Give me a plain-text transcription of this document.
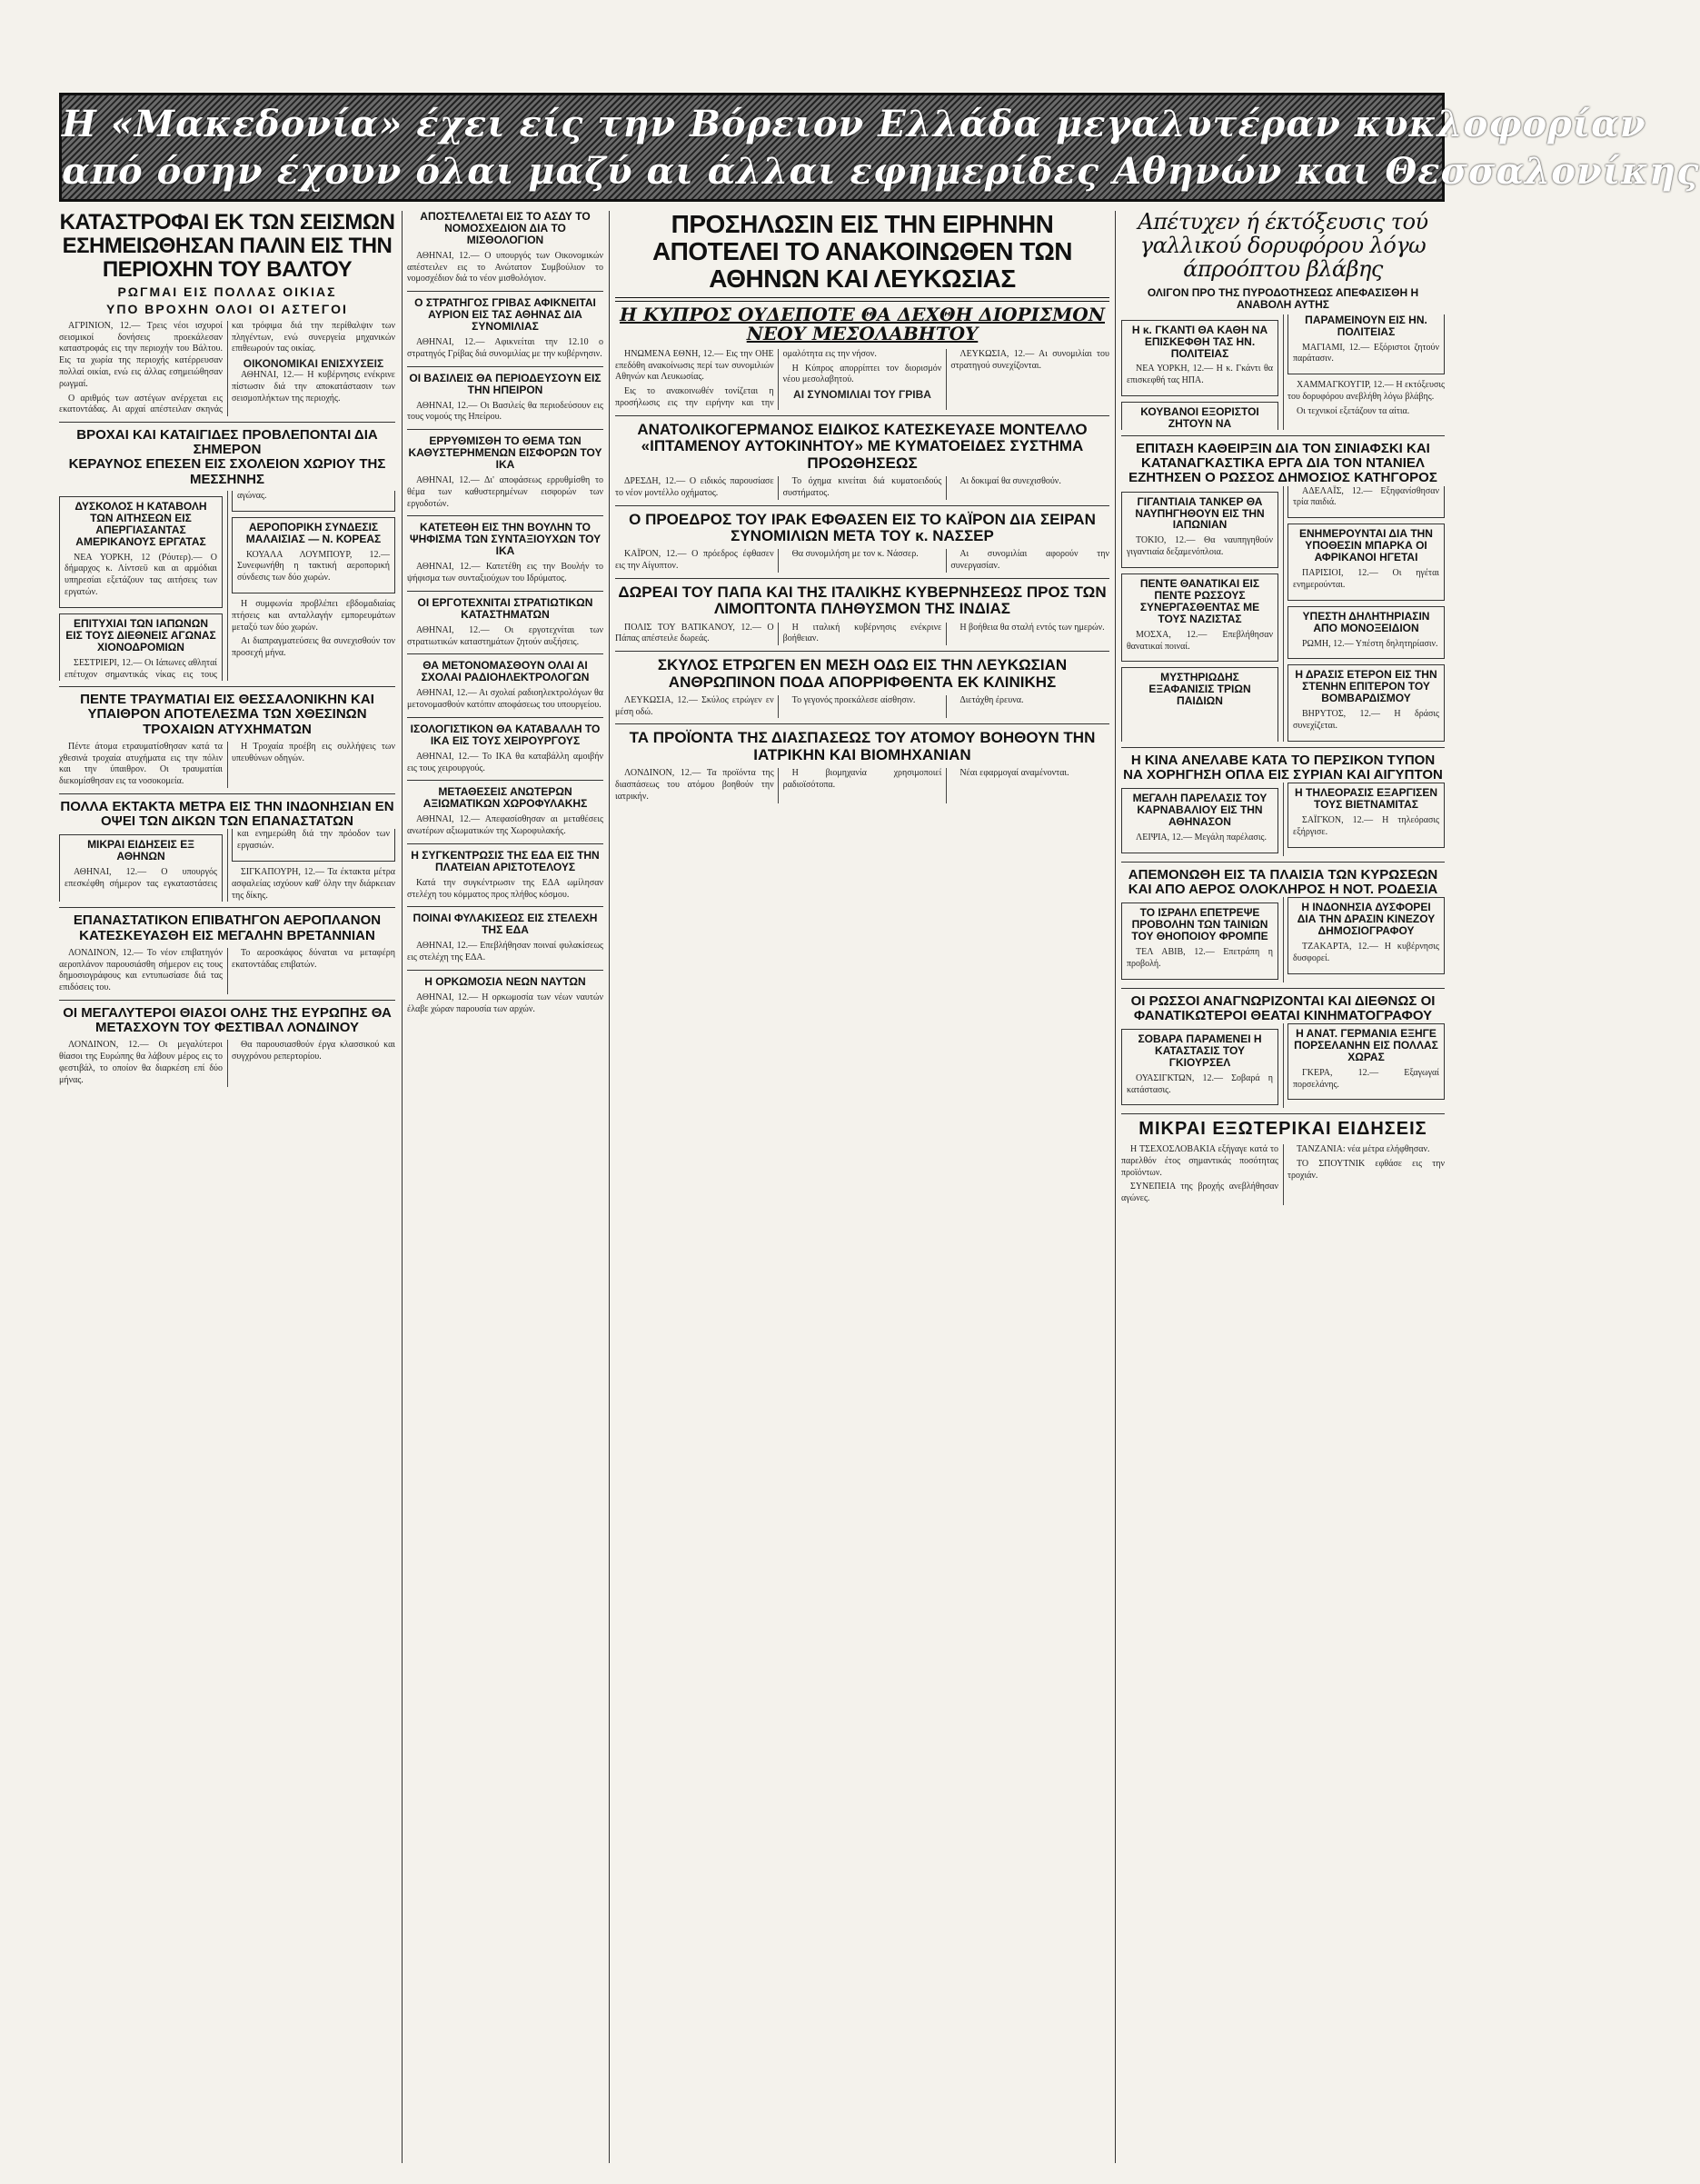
Η «Μακεδονία» έχει είς την Βόρειον Ελλάδα μεγαλυτέραν κυκλοφορίαν
από όσην έχουν όλαι μαζύ αι άλλαι εφημερίδες Αθηνών και Θεσσαλονίκης
ΚΑΤΑΣΤΡΟΦΑΙ ΕΚ ΤΩΝ ΣΕΙΣΜΩΝ ΕΣΗΜΕΙΩΘΗΣΑΝ ΠΑΛΙΝ ΕΙΣ ΤΗΝ ΠΕΡΙΟΧΗΝ ΤΟΥ ΒΑΛΤΟΥ
ΡΩΓΜΑΙ ΕΙΣ ΠΟΛΛΑΣ ΟΙΚΙΑΣ
ΥΠΟ ΒΡΟΧΗΝ ΟΛΟΙ ΟΙ ΑΣΤΕΓΟΙ

ΑΓΡΙΝΙΟΝ, 12.— Τρεις νέοι ισχυροί σεισμικοί δονήσεις προεκάλεσαν καταστροφάς εις την περιοχήν του Βάλτου. Εις τα χωρία της περιοχής κατέρρευσαν πολλαί οικίαι, ενώ εις άλλας εσημειώθησαν ρωγμαί.

Ο αριθμός των αστέγων ανέρχεται εις εκατοντάδας. Αι αρχαί απέστειλαν σκηνάς και τρόφιμα διά την περίθαλψιν των πληγέντων, ενώ συνεργεία μηχανικών επιθεωρούν τας οικίας.

ΟΙΚΟΝΟΜΙΚΑΙ ΕΝΙΣΧΥΣΕΙΣ

ΑΘΗΝΑΙ, 12.— Η κυβέρνησις ενέκρινε πίστωσιν διά την αποκατάστασιν των σεισμοπλήκτων της περιοχής.

ΒΡΟΧΑΙ ΚΑΙ ΚΑΤΑΙΓΙΔΕΣ ΠΡΟΒΛΕΠΟΝΤΑΙ ΔΙΑ ΣΗΜΕΡΟΝ
ΚΕΡΑΥΝΟΣ ΕΠΕΣΕΝ ΕΙΣ ΣΧΟΛΕΙΟΝ ΧΩΡΙΟΥ ΤΗΣ ΜΕΣΣΗΝΗΣ
ΔΥΣΚΟΛΟΣ Η ΚΑΤΑΒΟΛΗ ΤΩΝ ΑΙΤΗΣΕΩΝ ΕΙΣ ΑΠΕΡΓΙΑΣΑΝΤΑΣ ΑΜΕΡΙΚΑΝΟΥΣ ΕΡΓΑΤΑΣ

ΝΕΑ ΥΟΡΚΗ, 12 (Ρόυτερ).— Ο δήμαρχος κ. Λίντσεϋ και αι αρμόδιαι υπηρεσίαι εξετάζουν τας αιτήσεις των εργατών.

ΕΠΙΤΥΧΙΑΙ ΤΩΝ ΙΑΠΩΝΩΝ ΕΙΣ ΤΟΥΣ ΔΙΕΘΝΕΙΣ ΑΓΩΝΑΣ ΧΙΟΝΟΔΡΟΜΙΩΝ

ΣΕΣΤΡΙΕΡΙ, 12.— Οι Ιάπωνες αθληταί επέτυχον σημαντικάς νίκας εις τους αγώνας.

ΑΕΡΟΠΟΡΙΚΗ ΣΥΝΔΕΣΙΣ ΜΑΛΑΙΣΙΑΣ — Ν. ΚΟΡΕΑΣ

ΚΟΥΑΛΑ ΛΟΥΜΠΟΥΡ, 12.— Συνεφωνήθη η τακτική αεροπορική σύνδεσις των δύο χωρών.

Η συμφωνία προβλέπει εβδομαδιαίας πτήσεις και ανταλλαγήν εμπορευμάτων μεταξύ των δύο χωρών.

Αι διαπραγματεύσεις θα συνεχισθούν τον προσεχή μήνα.

ΠΕΝΤΕ ΤΡΑΥΜΑΤΙΑΙ ΕΙΣ ΘΕΣΣΑΛΟΝΙΚΗΝ ΚΑΙ ΥΠΑΙΘΡΟΝ ΑΠΟΤΕΛΕΣΜΑ ΤΩΝ ΧΘΕΣΙΝΩΝ ΤΡΟΧΑΙΩΝ ΑΤΥΧΗΜΑΤΩΝ

Πέντε άτομα ετραυματίσθησαν κατά τα χθεσινά τροχαία ατυχήματα εις την πόλιν και την ύπαιθρον. Οι τραυματίαι διεκομίσθησαν εις τα νοσοκομεία.

Η Τροχαία προέβη εις συλλήψεις των υπευθύνων οδηγών.

ΠΟΛΛΑ ΕΚΤΑΚΤΑ ΜΕΤΡΑ ΕΙΣ ΤΗΝ ΙΝΔΟΝΗΣΙΑΝ ΕΝ ΟΨΕΙ ΤΩΝ ΔΙΚΩΝ ΤΩΝ ΕΠΑΝΑΣΤΑΤΩΝ
ΜΙΚΡΑΙ ΕΙΔΗΣΕΙΣ ΕΞ ΑΘΗΝΩΝ

ΑΘΗΝΑΙ, 12.— Ο υπουργός επεσκέφθη σήμερον τας εγκαταστάσεις και ενημερώθη διά την πρόοδον των εργασιών.

ΣΙΓΚΑΠΟΥΡΗ, 12.— Τα έκτακτα μέτρα ασφαλείας ισχύουν καθ' όλην την διάρκειαν της δίκης.

ΕΠΑΝΑΣΤΑΤΙΚΟΝ ΕΠΙΒΑΤΗΓΟΝ ΑΕΡΟΠΛΑΝΟΝ ΚΑΤΕΣΚΕΥΑΣΘΗ ΕΙΣ ΜΕΓΑΛΗΝ ΒΡΕΤΑΝΝΙΑΝ

ΛΟΝΔΙΝΟΝ, 12.— Το νέον επιβατηγόν αεροπλάνον παρουσιάσθη σήμερον εις τους δημοσιογράφους και εντυπωσίασε διά τας επιδόσεις του.

Το αεροσκάφος δύναται να μεταφέρη εκατοντάδας επιβατών.

ΟΙ ΜΕΓΑΛΥΤΕΡΟΙ ΘΙΑΣΟΙ ΟΛΗΣ ΤΗΣ ΕΥΡΩΠΗΣ ΘΑ ΜΕΤΑΣΧΟΥΝ ΤΟΥ ΦΕΣΤΙΒΑΛ ΛΟΝΔΙΝΟΥ

ΛΟΝΔΙΝΟΝ, 12.— Οι μεγαλύτεροι θίασοι της Ευρώπης θα λάβουν μέρος εις το φεστιβάλ, το οποίον θα διαρκέση επί δύο μήνας.

Θα παρουσιασθούν έργα κλασσικού και συγχρόνου ρεπερτορίου.

ΑΠΟΣΤΕΛΛΕΤΑΙ ΕΙΣ ΤΟ ΑΣΔΥ ΤΟ ΝΟΜΟΣΧΕΔΙΟΝ ΔΙΑ ΤΟ ΜΙΣΘΟΛΟΓΙΟΝ

ΑΘΗΝΑΙ, 12.— Ο υπουργός των Οικονομικών απέστειλεν εις το Ανώτατον Συμβούλιον το νομοσχέδιον διά το νέον μισθολόγιον.

Ο ΣΤΡΑΤΗΓΟΣ ΓΡΙΒΑΣ ΑΦΙΚΝΕΙΤΑΙ ΑΥΡΙΟΝ ΕΙΣ ΤΑΣ ΑΘΗΝΑΣ ΔΙΑ ΣΥΝΟΜΙΛΙΑΣ

ΑΘΗΝΑΙ, 12.— Αφικνείται την 12.10 ο στρατηγός Γρίβας διά συνομιλίας με την κυβέρνησιν.

ΟΙ ΒΑΣΙΛΕΙΣ ΘΑ ΠΕΡΙΟΔΕΥΣΟΥΝ ΕΙΣ ΤΗΝ ΗΠΕΙΡΟΝ

ΑΘΗΝΑΙ, 12.— Οι Βασιλείς θα περιοδεύσουν εις τους νομούς της Ηπείρου.

ΕΡΡΥΘΜΙΣΘΗ ΤΟ ΘΕΜΑ ΤΩΝ ΚΑΘΥΣΤΕΡΗΜΕΝΩΝ ΕΙΣΦΟΡΩΝ ΤΟΥ ΙΚΑ

ΑΘΗΝΑΙ, 12.— Δι' αποφάσεως ερρυθμίσθη το θέμα των καθυστερημένων εισφορών των εργοδοτών.

ΚΑΤΕΤΕΘΗ ΕΙΣ ΤΗΝ ΒΟΥΛΗΝ ΤΟ ΨΗΦΙΣΜΑ ΤΩΝ ΣΥΝΤΑΞΙΟΥΧΩΝ ΤΟΥ ΙΚΑ

ΑΘΗΝΑΙ, 12.— Κατετέθη εις την Βουλήν το ψήφισμα των συνταξιούχων του Ιδρύματος.

ΟΙ ΕΡΓΟΤΕΧΝΙΤΑΙ ΣΤΡΑΤΙΩΤΙΚΩΝ ΚΑΤΑΣΤΗΜΑΤΩΝ

ΑΘΗΝΑΙ, 12.— Οι εργοτεχνίται των στρατιωτικών καταστημάτων ζητούν αυξήσεις.

ΘΑ ΜΕΤΟΝΟΜΑΣΘΟΥΝ ΟΛΑΙ ΑΙ ΣΧΟΛΑΙ ΡΑΔΙΟΗΛΕΚΤΡΟΛΟΓΩΝ

ΑΘΗΝΑΙ, 12.— Αι σχολαί ραδιοηλεκτρολόγων θα μετονομασθούν κατόπιν αποφάσεως του υπουργείου.

ΙΣΟΛΟΓΙΣΤΙΚΟΝ ΘΑ ΚΑΤΑΒΑΛΛΗ ΤΟ ΙΚΑ ΕΙΣ ΤΟΥΣ ΧΕΙΡΟΥΡΓΟΥΣ

ΑΘΗΝΑΙ, 12.— Το ΙΚΑ θα καταβάλλη αμοιβήν εις τους χειρουργούς.

ΜΕΤΑΘΕΣΕΙΣ ΑΝΩΤΕΡΩΝ ΑΞΙΩΜΑΤΙΚΩΝ ΧΩΡΟΦΥΛΑΚΗΣ

ΑΘΗΝΑΙ, 12.— Απεφασίσθησαν αι μεταθέσεις ανωτέρων αξιωματικών της Χωροφυλακής.

Η ΣΥΓΚΕΝΤΡΩΣΙΣ ΤΗΣ ΕΔΑ ΕΙΣ ΤΗΝ ΠΛΑΤΕΙΑΝ ΑΡΙΣΤΟΤΕΛΟΥΣ

Κατά την συγκέντρωσιν της ΕΔΑ ωμίλησαν στελέχη του κόμματος προς πλήθος κόσμου.

ΠΟΙΝΑΙ ΦΥΛΑΚΙΣΕΩΣ ΕΙΣ ΣΤΕΛΕΧΗ ΤΗΣ ΕΔΑ

ΑΘΗΝΑΙ, 12.— Επεβλήθησαν ποιναί φυλακίσεως εις στελέχη της ΕΔΑ.

Η ΟΡΚΩΜΟΣΙΑ ΝΕΩΝ ΝΑΥΤΩΝ

ΑΘΗΝΑΙ, 12.— Η ορκωμοσία των νέων ναυτών έλαβε χώραν παρουσία των αρχών.

ΠΡΟΣΗΛΩΣΙΝ ΕΙΣ ΤΗΝ ΕΙΡΗΝΗΝ ΑΠΟΤΕΛΕΙ ΤΟ ΑΝΑΚΟΙΝΩΘΕΝ ΤΩΝ ΑΘΗΝΩΝ ΚΑΙ ΛΕΥΚΩΣΙΑΣ
Η ΚΥΠΡΟΣ ΟΥΔΕΠΟΤΕ ΘΑ ΔΕΧΘΗ ΔΙΟΡΙΣΜΟΝ ΝΕΟΥ ΜΕΣΟΛΑΒΗΤΟΥ

ΗΝΩΜΕΝΑ ΕΘΝΗ, 12.— Εις την ΟΗΕ επεδόθη ανακοίνωσις περί των συνομιλιών Αθηνών και Λευκωσίας.

Εις το ανακοινωθέν τονίζεται η προσήλωσις εις την ειρήνην και την ομαλότητα εις την νήσον.

Η Κύπρος απορρίπτει τον διορισμόν νέου μεσολαβητού.

ΑΙ ΣΥΝΟΜΙΛΙΑΙ ΤΟΥ ΓΡΙΒΑ

ΛΕΥΚΩΣΙΑ, 12.— Αι συνομιλίαι του στρατηγού συνεχίζονται.

ΑΝΑΤΟΛΙΚΟΓΕΡΜΑΝΟΣ ΕΙΔΙΚΟΣ ΚΑΤΕΣΚΕΥΑΣΕ ΜΟΝΤΕΛΛΟ «ΙΠΤΑΜΕΝΟΥ ΑΥΤΟΚΙΝΗΤΟΥ» ΜΕ ΚΥΜΑΤΟΕΙΔΕΣ ΣΥΣΤΗΜΑ ΠΡΟΩΘΗΣΕΩΣ

ΔΡΕΣΔΗ, 12.— Ο ειδικός παρουσίασε το νέον μοντέλλο οχήματος.

Το όχημα κινείται διά κυματοειδούς συστήματος.

Αι δοκιμαί θα συνεχισθούν.

Ο ΠΡΟΕΔΡΟΣ ΤΟΥ ΙΡΑΚ ΕΦΘΑΣΕΝ ΕΙΣ ΤΟ ΚΑΪΡΟΝ ΔΙΑ ΣΕΙΡΑΝ ΣΥΝΟΜΙΛΙΩΝ ΜΕΤΑ ΤΟΥ κ. ΝΑΣΣΕΡ

ΚΑΪΡΟΝ, 12.— Ο πρόεδρος έφθασεν εις την Αίγυπτον.

Θα συνομιλήση με τον κ. Νάσσερ.	Αι συνομιλίαι αφορούν την συνεργασίαν.

ΔΩΡΕΑΙ ΤΟΥ ΠΑΠΑ ΚΑΙ ΤΗΣ ΙΤΑΛΙΚΗΣ ΚΥΒΕΡΝΗΣΕΩΣ ΠΡΟΣ ΤΩΝ ΛΙΜΟΠΤΟΝΤΑ ΠΛΗΘΥΣΜΟΝ ΤΗΣ ΙΝΔΙΑΣ

ΠΟΛΙΣ ΤΟΥ ΒΑΤΙΚΑΝΟΥ, 12.— Ο Πάπας απέστειλε δωρεάς.

Η ιταλική κυβέρνησις ενέκρινε βοήθειαν.

Η βοήθεια θα σταλή εντός των ημερών.

ΣΚΥΛΟΣ ΕΤΡΩΓΕΝ ΕΝ ΜΕΣΗ ΟΔΩ ΕΙΣ ΤΗΝ ΛΕΥΚΩΣΙΑΝ ΑΝΘΡΩΠΙΝΟΝ ΠΟΔΑ ΑΠΟΡΡΙΦΘΕΝΤΑ ΕΚ ΚΛΙΝΙΚΗΣ

ΛΕΥΚΩΣΙΑ, 12.— Σκύλος ετρώγεν εν μέση οδώ.

Το γεγονός προεκάλεσε αίσθησιν.	Διετάχθη έρευνα.

ΤΑ ΠΡΟΪΟΝΤΑ ΤΗΣ ΔΙΑΣΠΑΣΕΩΣ ΤΟΥ ΑΤΟΜΟΥ ΒΟΗΘΟΥΝ ΤΗΝ ΙΑΤΡΙΚΗΝ ΚΑΙ ΒΙΟΜΗΧΑΝΙΑΝ

ΛΟΝΔΙΝΟΝ, 12.— Τα προϊόντα της διασπάσεως του ατόμου βοηθούν την ιατρικήν.

Η βιομηχανία χρησιμοποιεί ραδιοϊσότοπα.

Νέαι εφαρμογαί αναμένονται.

Απέτυχεν ή έκτόξευσις τού γαλλικού δορυφόρου λόγω άπροόπτου βλάβης
ΟΛΙΓΟΝ ΠΡΟ ΤΗΣ ΠΥΡΟΔΟΤΗΣΕΩΣ ΑΠΕΦΑΣΙΣΘΗ Η ΑΝΑΒΟΛΗ ΑΥΤΗΣ
Η κ. ΓΚΑΝΤΙ ΘΑ ΚΑΘΗ ΝΑ ΕΠΙΣΚΕΦΘΗ ΤΑΣ ΗΝ. ΠΟΛΙΤΕΙΑΣ

ΝΕΑ ΥΟΡΚΗ, 12.— Η κ. Γκάντι θα επισκεφθή τας ΗΠΑ.

ΚΟΥΒΑΝΟΙ ΕΞΟΡΙΣΤΟΙ ΖΗΤΟΥΝ ΝΑ ΠΑΡΑΜΕΙΝΟΥΝ ΕΙΣ ΗΝ. ΠΟΛΙΤΕΙΑΣ

ΜΑΓΙΑΜΙ, 12.— Εξόριστοι ζητούν παράτασιν.

ΧΑΜΜΑΓΚΟΥΓΙΡ, 12.— Η εκτόξευσις του δορυφόρου ανεβλήθη λόγω βλάβης.

Οι τεχνικοί εξετάζουν τα αίτια.

ΕΠΙΤΑΣΗ ΚΑΘΕΙΡΞΙΝ ΔΙΑ ΤΟΝ ΣΙΝΙΑΦΣΚΙ ΚΑΙ ΚΑΤΑΝΑΓΚΑΣΤΙΚΑ ΕΡΓΑ ΔΙΑ ΤΟΝ ΝΤΑΝΙΕΛ ΕΖΗΤΗΣΕΝ Ο ΡΩΣΣΟΣ ΔΗΜΟΣΙΟΣ ΚΑΤΗΓΟΡΟΣ
ΓΙΓΑΝΤΙΑΙΑ ΤΑΝΚΕΡ ΘΑ ΝΑΥΠΗΓΗΘΟΥΝ ΕΙΣ ΤΗΝ ΙΑΠΩΝΙΑΝ

ΤΟΚΙΟ, 12.— Θα ναυπηγηθούν γιγαντιαία δεξαμενόπλοια.

ΠΕΝΤΕ ΘΑΝΑΤΙΚΑΙ ΕΙΣ ΠΕΝΤΕ ΡΩΣΣΟΥΣ ΣΥΝΕΡΓΑΣΘΕΝΤΑΣ ΜΕ ΤΟΥΣ ΝΑΖΙΣΤΑΣ

ΜΟΣΧΑ, 12.— Επεβλήθησαν θανατικαί ποιναί.

ΜΥΣΤΗΡΙΩΔΗΣ ΕΞΑΦΑΝΙΣΙΣ ΤΡΙΩΝ ΠΑΙΔΙΩΝ

ΑΔΕΛΑΪΣ, 12.— Εξηφανίσθησαν τρία παιδιά.

ΕΝΗΜΕΡΟΥΝΤΑΙ ΔΙΑ ΤΗΝ ΥΠΟΘΕΣΙΝ ΜΠΑΡΚΑ ΟΙ ΑΦΡΙΚΑΝΟΙ ΗΓΕΤΑΙ

ΠΑΡΙΣΙΟΙ, 12.— Οι ηγέται ενημερούνται.

ΥΠΕΣΤΗ ΔΗΛΗΤΗΡΙΑΣΙΝ ΑΠΟ ΜΟΝΟΞΕΙΔΙΟΝ

ΡΩΜΗ, 12.— Υπέστη δηλητηρίασιν.

Η ΔΡΑΣΙΣ ΕΤΕΡΟΝ ΕΙΣ ΤΗΝ ΣΤΕΝΗΝ ΕΠΙΤΕΡΟΝ ΤΟΥ ΒΟΜΒΑΡΔΙΣΜΟΥ

ΒΗΡΥΤΟΣ, 12.— Η δράσις συνεχίζεται.

Η ΚΙΝΑ ΑΝΕΛΑΒΕ ΚΑΤΑ ΤΟ ΠΕΡΣΙΚΟΝ ΤΥΠΟΝ ΝΑ ΧΟΡΗΓΗΣΗ ΟΠΛΑ ΕΙΣ ΣΥΡΙΑΝ ΚΑΙ ΑΙΓΥΠΤΟΝ
ΜΕΓΑΛΗ ΠΑΡΕΛΑΣΙΣ ΤΟΥ ΚΑΡΝΑΒΑΛΙΟΥ ΕΙΣ ΤΗΝ ΑΘΗΝΑΣΟΝ

ΛΕΙΨΙΑ, 12.— Μεγάλη παρέλασις.

Η ΤΗΛΕΟΡΑΣΙΣ ΕΞΑΡΓΙΣΕΝ ΤΟΥΣ ΒΙΕΤΝΑΜΙΤΑΣ

ΣΑΪΓΚΟΝ, 12.— Η τηλεόρασις εξήργισε.

ΑΠΕΜΟΝΩΘΗ ΕΙΣ ΤΑ ΠΛΑΙΣΙΑ ΤΩΝ ΚΥΡΩΣΕΩΝ ΚΑΙ ΑΠΟ ΑΕΡΟΣ ΟΛΟΚΛΗΡΟΣ Η ΝΟΤ. ΡΟΔΕΣΙΑ
ΤΟ ΙΣΡΑΗΛ ΕΠΕΤΡΕΨΕ ΠΡΟΒΟΛΗΝ ΤΩΝ ΤΑΙΝΙΩΝ ΤΟΥ ΘΗΟΠΟΙΟΥ ΦΡΟΜΠΕ

ΤΕΛ ΑΒΙΒ, 12.— Επετράπη η προβολή.

Η ΙΝΔΟΝΗΣΙΑ ΔΥΣΦΟΡΕΙ ΔΙΑ ΤΗΝ ΔΡΑΣΙΝ ΚΙΝΕΖΟΥ ΔΗΜΟΣΙΟΓΡΑΦΟΥ

ΤΖΑΚΑΡΤΑ, 12.— Η κυβέρνησις δυσφορεί.

ΟΙ ΡΩΣΣΟΙ ΑΝΑΓΝΩΡΙΖΟΝΤΑΙ ΚΑΙ ΔΙΕΘΝΩΣ ΟΙ ΦΑΝΑΤΙΚΩΤΕΡΟΙ ΘΕΑΤΑΙ ΚΙΝΗΜΑΤΟΓΡΑΦΟΥ
ΣΟΒΑΡΑ ΠΑΡΑΜΕΝΕΙ Η ΚΑΤΑΣΤΑΣΙΣ ΤΟΥ ΓΚΙΟΥΡΣΕΛ

ΟΥΑΣΙΓΚΤΩΝ, 12.— Σοβαρά η κατάστασις.

Η ΑΝΑΤ. ΓΕΡΜΑΝΙΑ ΕΞΗΓΕ ΠΟΡΣΕΛΑΝΗΝ ΕΙΣ ΠΟΛΛΑΣ ΧΩΡΑΣ

ΓΚΕΡΑ, 12.— Εξαγωγαί πορσελάνης.

ΜΙΚΡΑΙ ΕΞΩΤΕΡΙΚΑΙ ΕΙΔΗΣΕΙΣ

Η ΤΣΕΧΟΣΛΟΒΑΚΙΑ εξήγαγε κατά το παρελθόν έτος σημαντικάς ποσότητας προϊόντων.

ΣΥΝΕΠΕΙΑ της βροχής ανεβλήθησαν αγώνες.

ΤΑΝΖΑΝΙΑ: νέα μέτρα ελήφθησαν.

ΤΟ ΣΠΟΥΤΝΙΚ εφθάσε εις την τροχιάν.
